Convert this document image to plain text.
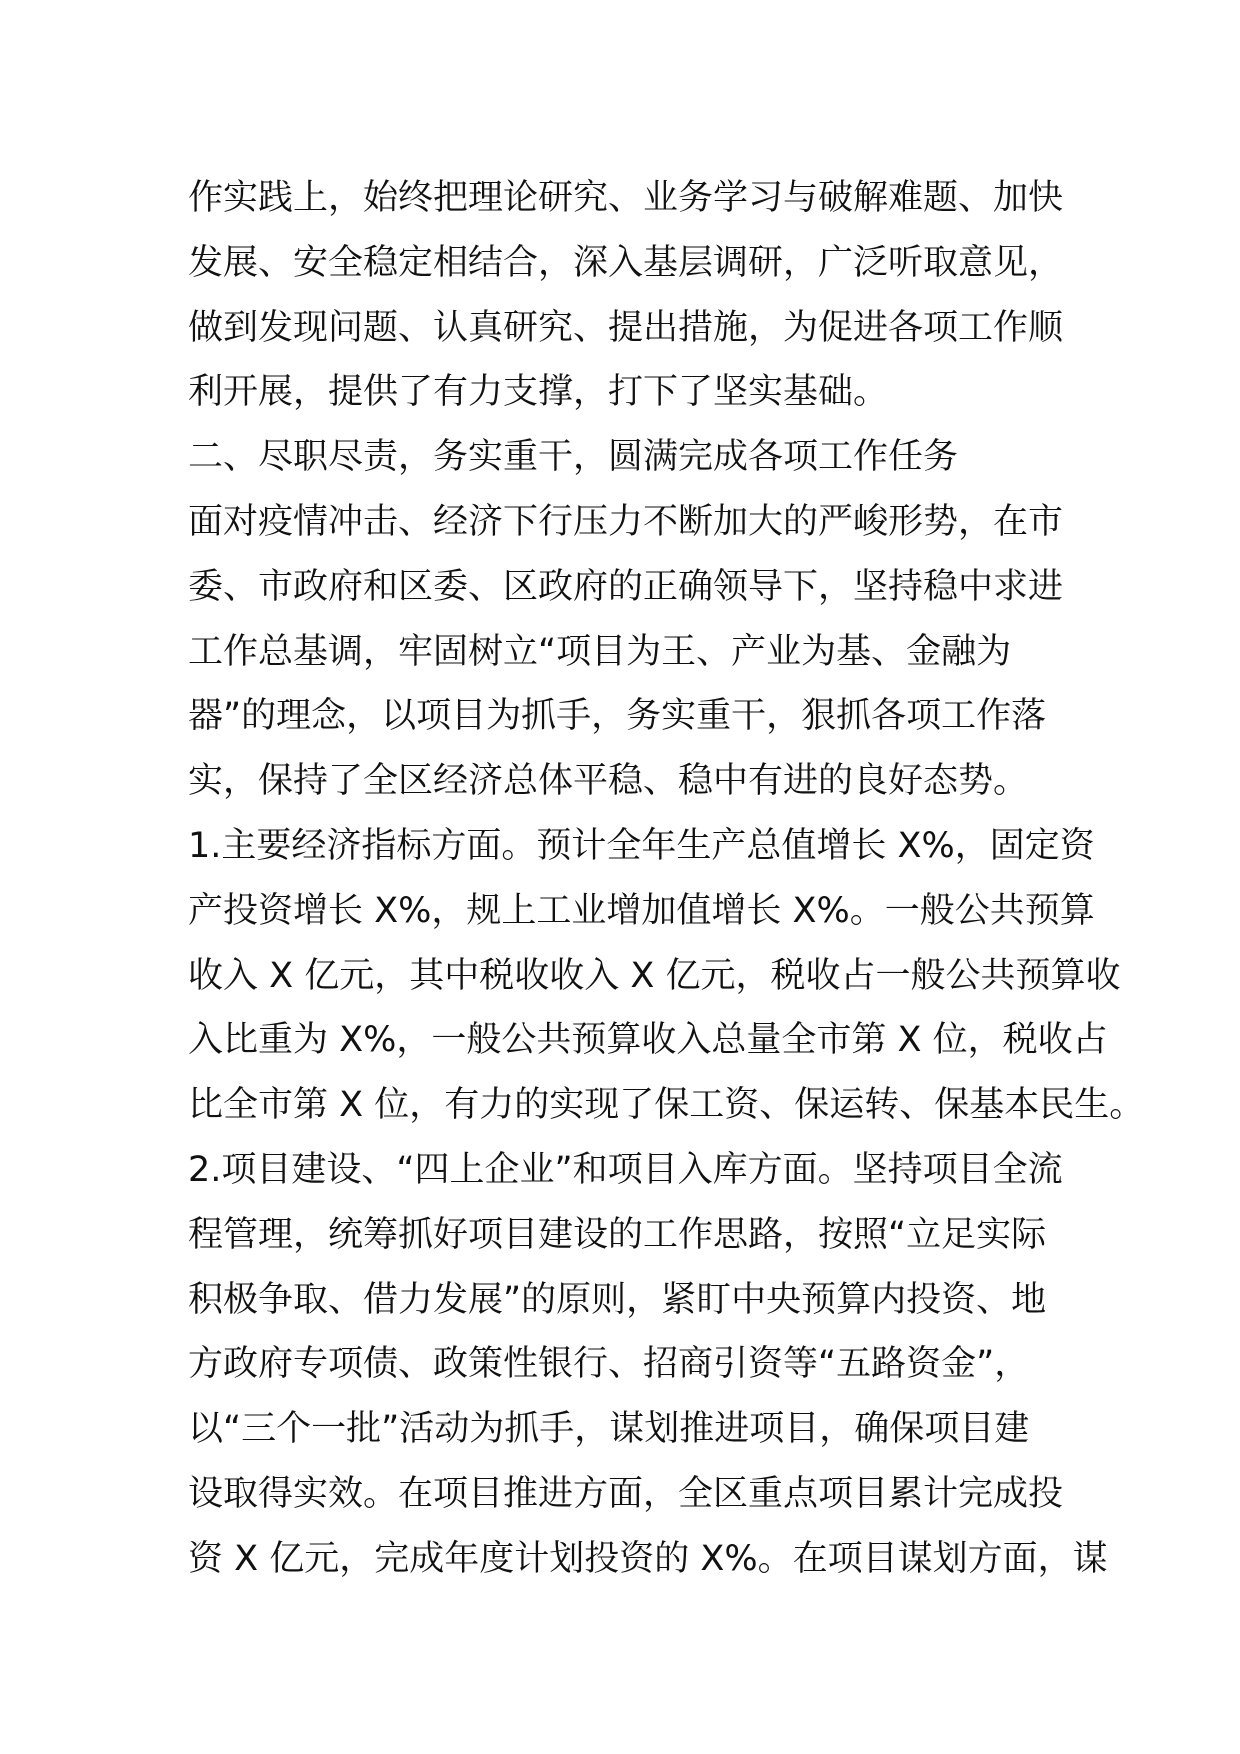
作实践上，始终把理论研究、业务学习与破解难题、加快
发展、安全稳定相结合，深入基层调研，广泛听取意见，
做到发现问题、认真研究、提出措施，为促进各项工作顺
利开展，提供了有力支撑，打下了坚实基础。
二、尽职尽责，务实重干，圆满完成各项工作任务
面对疫情冲击、经济下行压力不断加大的严峻形势，在市
委、市政府和区委、区政府的正确领导下，坚持稳中求进
工作总基调，牢固树立“项目为王、产业为基、金融为
器”的理念，以项目为抓手，务实重干，狠抓各项工作落
实，保持了全区经济总体平稳、稳中有进的良好态势。
1.主要经济指标方面。预计全年生产总值增长 X%，固定资
产投资增长 X%，规上工业增加值增长 X%。一般公共预算
收入 X 亿元，其中税收收入 X 亿元，税收占一般公共预算收
入比重为 X%，一般公共预算收入总量全市第 X 位，税收占
比全市第 X 位，有力的实现了保工资、保运转、保基本民生。
2.项目建设、“四上企业”和项目入库方面。坚持项目全流
程管理，统筹抓好项目建设的工作思路，按照“立足实际
积极争取、借力发展”的原则，紧盯中央预算内投资、地
方政府专项债、政策性银行、招商引资等“五路资金”，
以“三个一批”活动为抓手，谋划推进项目，确保项目建
设取得实效。在项目推进方面，全区重点项目累计完成投
资 X 亿元，完成年度计划投资的 X%。在项目谋划方面，谋
